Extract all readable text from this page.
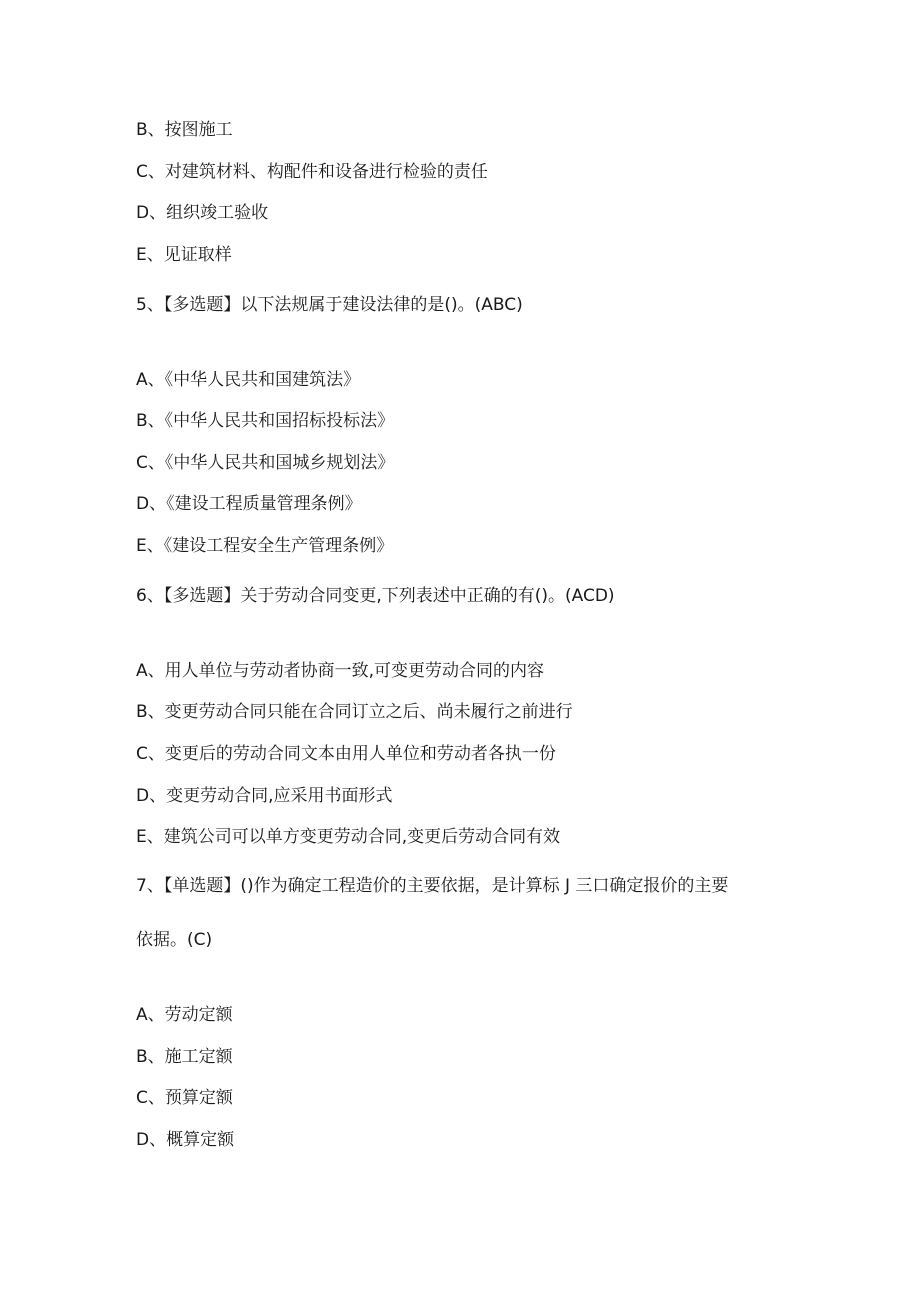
B、按图施工
C、对建筑材料、构配件和设备进行检验的责任
D、组织竣工验收
E、见证取样
5、【多选题】以下法规属于建设法律的是()。(ABC)
A、《中华人民共和国建筑法》
B、《中华人民共和国招标投标法》
C、《中华人民共和国城乡规划法》
D、《建设工程质量管理条例》
E、《建设工程安全生产管理条例》
6、【多选题】关于劳动合同变更,下列表述中正确的有()。(ACD)
A、用人单位与劳动者协商一致,可变更劳动合同的内容
B、变更劳动合同只能在合同订立之后、尚未履行之前进行
C、变更后的劳动合同文本由用人单位和劳动者各执一份
D、变更劳动合同,应采用书面形式
E、建筑公司可以单方变更劳动合同,变更后劳动合同有效
7、【单选题】()作为确定工程造价的主要依据，是计算标 J 三口确定报价的主要
依据。(C)
A、劳动定额
B、施工定额
C、预算定额
D、概算定额
